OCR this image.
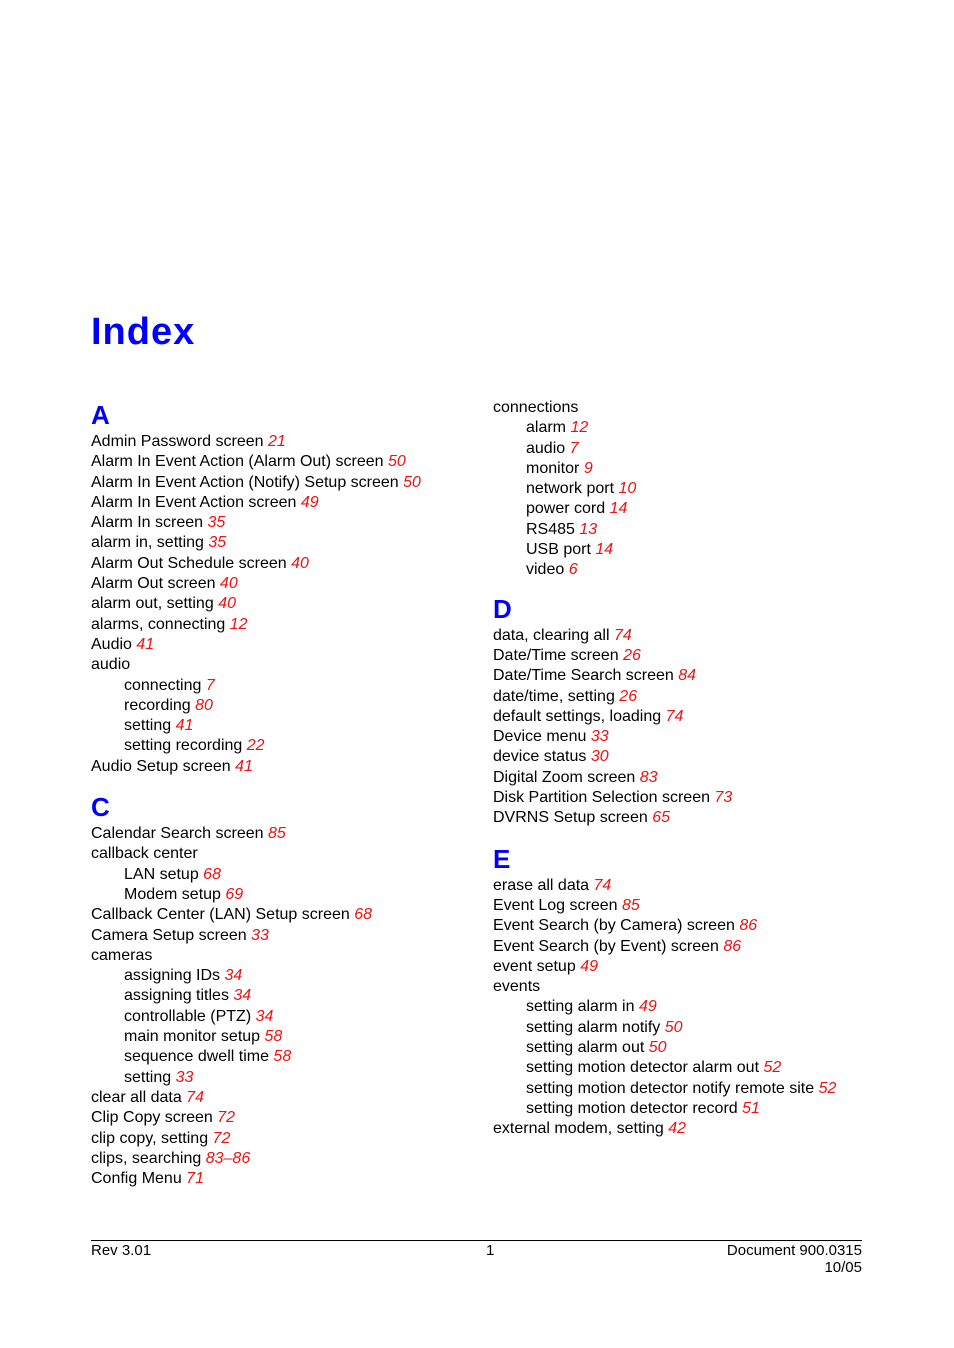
Index
A
Admin Password screen 21
Alarm In Event Action (Alarm Out) screen 50
Alarm In Event Action (Notify) Setup screen 50
Alarm In Event Action screen 49
Alarm In screen 35
alarm in, setting 35
Alarm Out Schedule screen 40
Alarm Out screen 40
alarm out, setting 40
alarms, connecting 12
Audio 41
audio
connecting 7
recording 80
setting 41
setting recording 22
Audio Setup screen 41
C
Calendar Search screen 85
callback center
LAN setup 68
Modem setup 69
Callback Center (LAN) Setup screen 68
Camera Setup screen 33
cameras
assigning IDs 34
assigning titles 34
controllable (PTZ) 34
main monitor setup 58
sequence dwell time 58
setting 33
clear all data 74
Clip Copy screen 72
clip copy, setting 72
clips, searching 83–86
Config Menu 71
connections
alarm 12
audio 7
monitor 9
network port 10
power cord 14
RS485 13
USB port 14
video 6
D
data, clearing all 74
Date/Time screen 26
Date/Time Search screen 84
date/time, setting 26
default settings, loading 74
Device menu 33
device status 30
Digital Zoom screen 83
Disk Partition Selection screen 73
DVRNS Setup screen 65
E
erase all data 74
Event Log screen 85
Event Search (by Camera) screen 86
Event Search (by Event) screen 86
event setup 49
events
setting alarm in 49
setting alarm notify 50
setting alarm out 50
setting motion detector alarm out 52
setting motion detector notify remote site 52
setting motion detector record 51
external modem, setting 42
Rev 3.01	1	Document 900.0315
10/05
